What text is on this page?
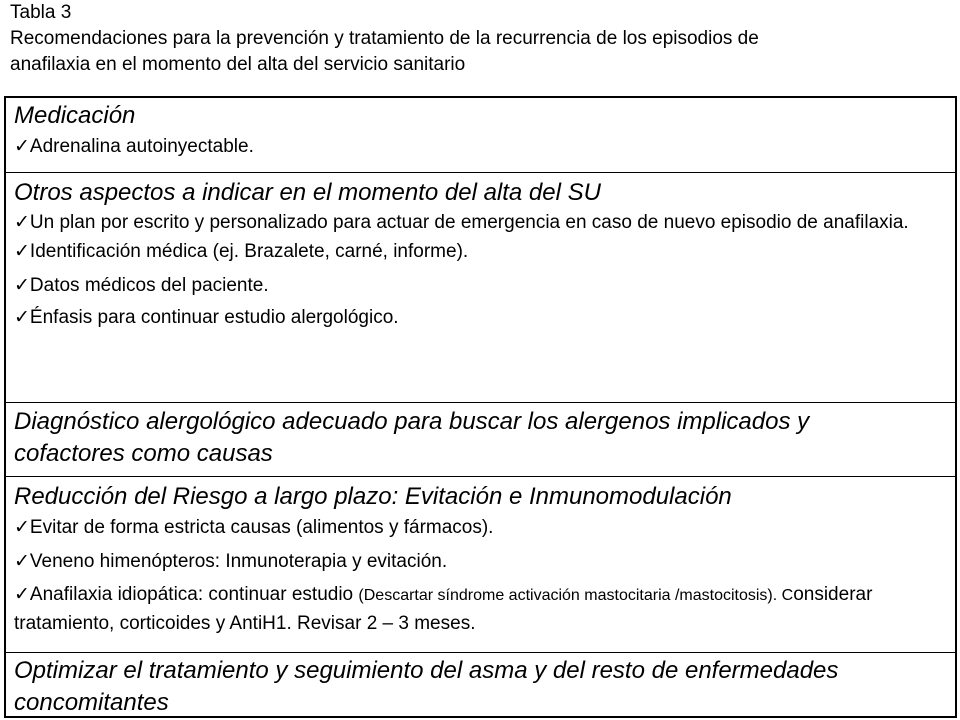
Tabla 3
Recomendaciones para la prevención y tratamiento de la recurrencia de los episodios de
anafilaxia en el momento del alta del servicio sanitario
Medicación
✓Adrenalina autoinyectable.
Otros aspectos a indicar en el momento del alta del SU
✓Un plan por escrito y personalizado para actuar de emergencia en caso de nuevo episodio de anafilaxia.
✓Identificación médica (ej. Brazalete, carné, informe).
✓Datos médicos del paciente.
✓Énfasis para continuar estudio alergológico.
Diagnóstico alergológico adecuado para buscar los alergenos implicados y cofactores como causas
Reducción del Riesgo a largo plazo: Evitación e Inmunomodulación
✓Evitar de forma estricta causas (alimentos y fármacos).
✓Veneno himenópteros: Inmunoterapia y evitación.
✓Anafilaxia idiopática: continuar estudio (Descartar síndrome activación mastocitaria /mastocitosis). Considerar tratamiento, corticoides y AntiH1. Revisar 2 – 3 meses.
Optimizar el tratamiento y seguimiento del asma y del resto de enfermedades concomitantes
